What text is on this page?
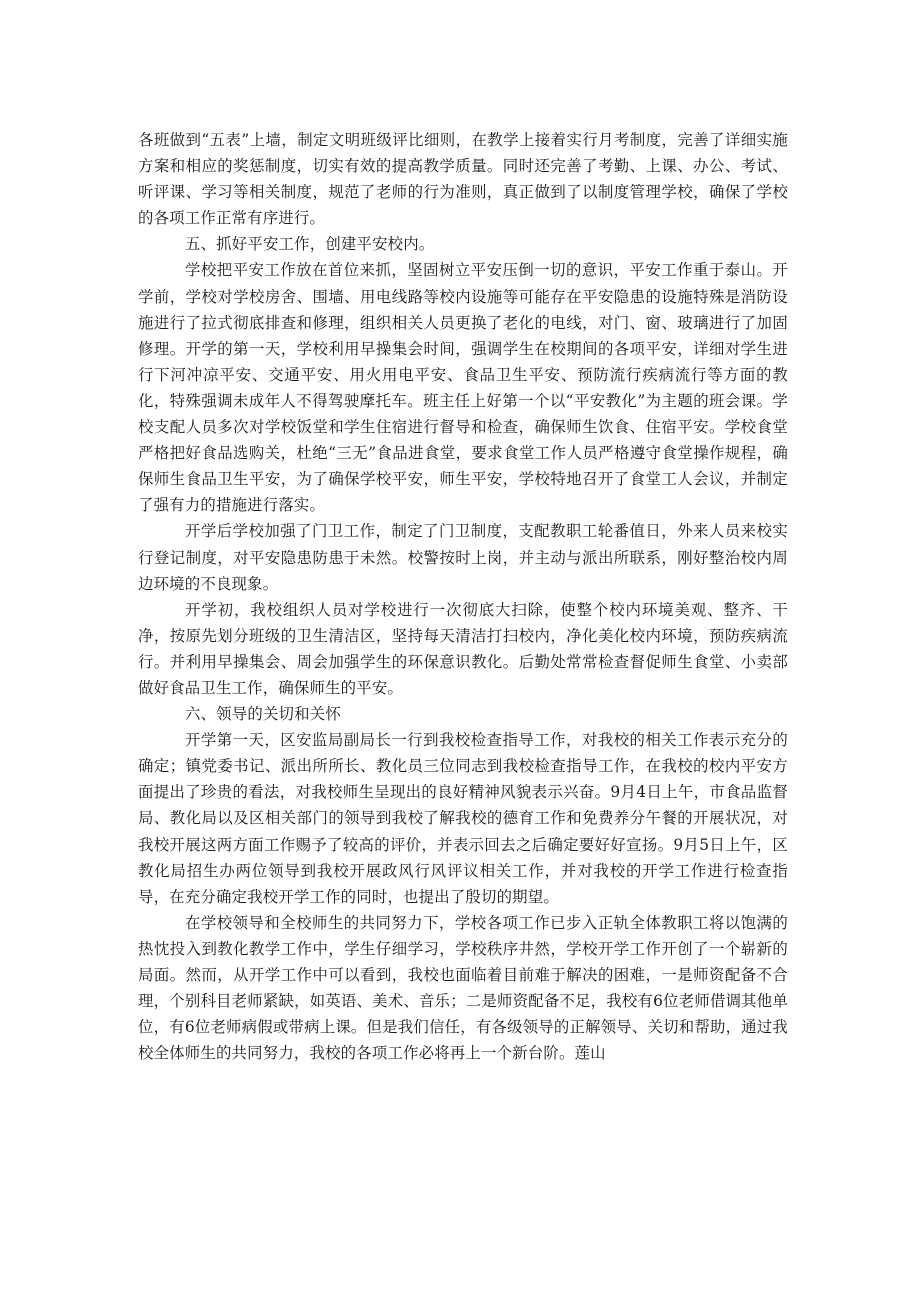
各班做到“五表”上墙，制定文明班级评比细则，在教学上接着实行月考制度，完善了详细实施方案和相应的奖惩制度，切实有效的提高教学质量。同时还完善了考勤、上课、办公、考试、听评课、学习等相关制度，规范了老师的行为准则，真正做到了以制度管理学校，确保了学校的各项工作正常有序进行。

五、抓好平安工作，创建平安校内。

学校把平安工作放在首位来抓，坚固树立平安压倒一切的意识，平安工作重于泰山。开学前，学校对学校房舍、围墙、用电线路等校内设施等可能存在平安隐患的设施特殊是消防设施进行了拉式彻底排查和修理，组织相关人员更换了老化的电线，对门、窗、玻璃进行了加固修理。开学的第一天，学校利用早操集会时间，强调学生在校期间的各项平安，详细对学生进行下河冲凉平安、交通平安、用火用电平安、食品卫生平安、预防流行疾病流行等方面的教化，特殊强调未成年人不得驾驶摩托车。班主任上好第一个以“平安教化”为主题的班会课。学校支配人员多次对学校饭堂和学生住宿进行督导和检查，确保师生饮食、住宿平安。学校食堂严格把好食品选购关，杜绝“三无”食品进食堂，要求食堂工作人员严格遵守食堂操作规程，确保师生食品卫生平安，为了确保学校平安，师生平安，学校特地召开了食堂工人会议，并制定了强有力的措施进行落实。

开学后学校加强了门卫工作，制定了门卫制度，支配教职工轮番值日，外来人员来校实行登记制度，对平安隐患防患于未然。校警按时上岗，并主动与派出所联系，刚好整治校内周边环境的不良现象。

开学初，我校组织人员对学校进行一次彻底大扫除，使整个校内环境美观、整齐、干净，按原先划分班级的卫生清洁区，坚持每天清洁打扫校内，净化美化校内环境，预防疾病流行。并利用早操集会、周会加强学生的环保意识教化。后勤处常常检查督促师生食堂、小卖部做好食品卫生工作，确保师生的平安。

六、领导的关切和关怀

开学第一天，区安监局副局长一行到我校检查指导工作，对我校的相关工作表示充分的确定；镇党委书记、派出所所长、教化员三位同志到我校检查指导工作，在我校的校内平安方面提出了珍贵的看法，对我校师生呈现出的良好精神风貌表示兴奋。9月4日上午，市食品监督局、教化局以及区相关部门的领导到我校了解我校的德育工作和免费养分午餐的开展状况，对我校开展这两方面工作赐予了较高的评价，并表示回去之后确定要好好宣扬。9月5日上午，区教化局招生办两位领导到我校开展政风行风评议相关工作，并对我校的开学工作进行检查指导，在充分确定我校开学工作的同时，也提出了殷切的期望。

在学校领导和全校师生的共同努力下，学校各项工作已步入正轨全体教职工将以饱满的热忱投入到教化教学工作中，学生仔细学习，学校秩序井然，学校开学工作开创了一个崭新的局面。然而，从开学工作中可以看到，我校也面临着目前难于解决的困难，一是师资配备不合理，个别科目老师紧缺，如英语、美术、音乐；二是师资配备不足，我校有6位老师借调其他单位，有6位老师病假或带病上课。但是我们信任，有各级领导的正解领导、关切和帮助，通过我校全体师生的共同努力，我校的各项工作必将再上一个新台阶。莲山
